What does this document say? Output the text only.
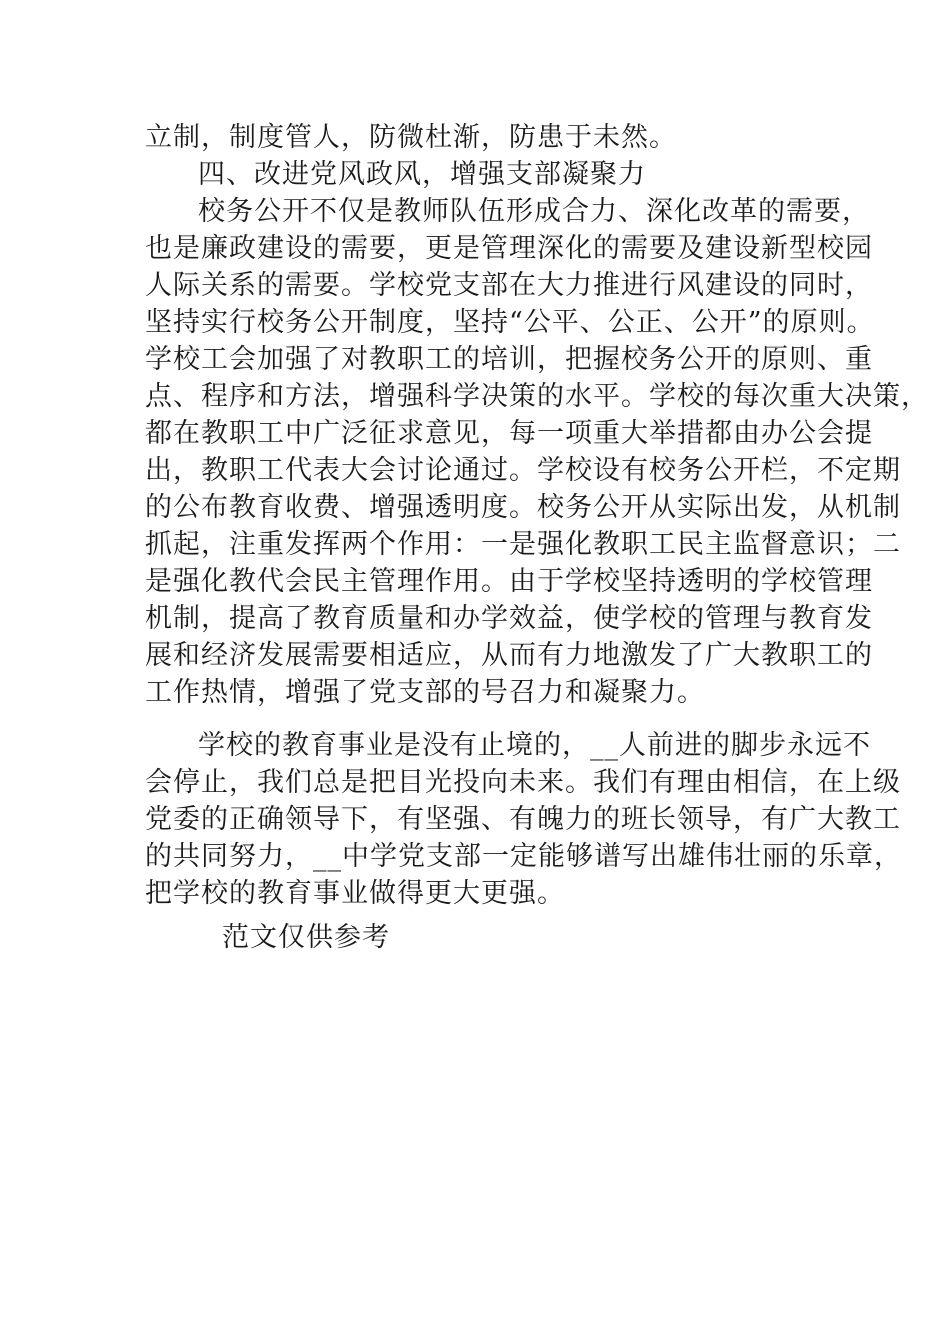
立制，制度管人，防微杜渐，防患于未然。
四、改进党风政风，增强支部凝聚力
校务公开不仅是教师队伍形成合力、深化改革的需要，
也是廉政建设的需要，更是管理深化的需要及建设新型校园
人际关系的需要。学校党支部在大力推进行风建设的同时，
坚持实行校务公开制度，坚持“公平、公正、公开”的原则。
学校工会加强了对教职工的培训，把握校务公开的原则、重
点、程序和方法，增强科学决策的水平。学校的每次重大决策，
都在教职工中广泛征求意见，每一项重大举措都由办公会提
出，教职工代表大会讨论通过。学校设有校务公开栏，不定期
的公布教育收费、增强透明度。校务公开从实际出发，从机制
抓起，注重发挥两个作用：一是强化教职工民主监督意识；二
是强化教代会民主管理作用。由于学校坚持透明的学校管理
机制，提高了教育质量和办学效益，使学校的管理与教育发
展和经济发展需要相适应，从而有力地激发了广大教职工的
工作热情，增强了党支部的号召力和凝聚力。
学校的教育事业是没有止境的，__人前进的脚步永远不
会停止，我们总是把目光投向未来。我们有理由相信，在上级
党委的正确领导下，有坚强、有魄力的班长领导，有广大教工
的共同努力，__中学党支部一定能够谱写出雄伟壮丽的乐章，
把学校的教育事业做得更大更强。
范文仅供参考
